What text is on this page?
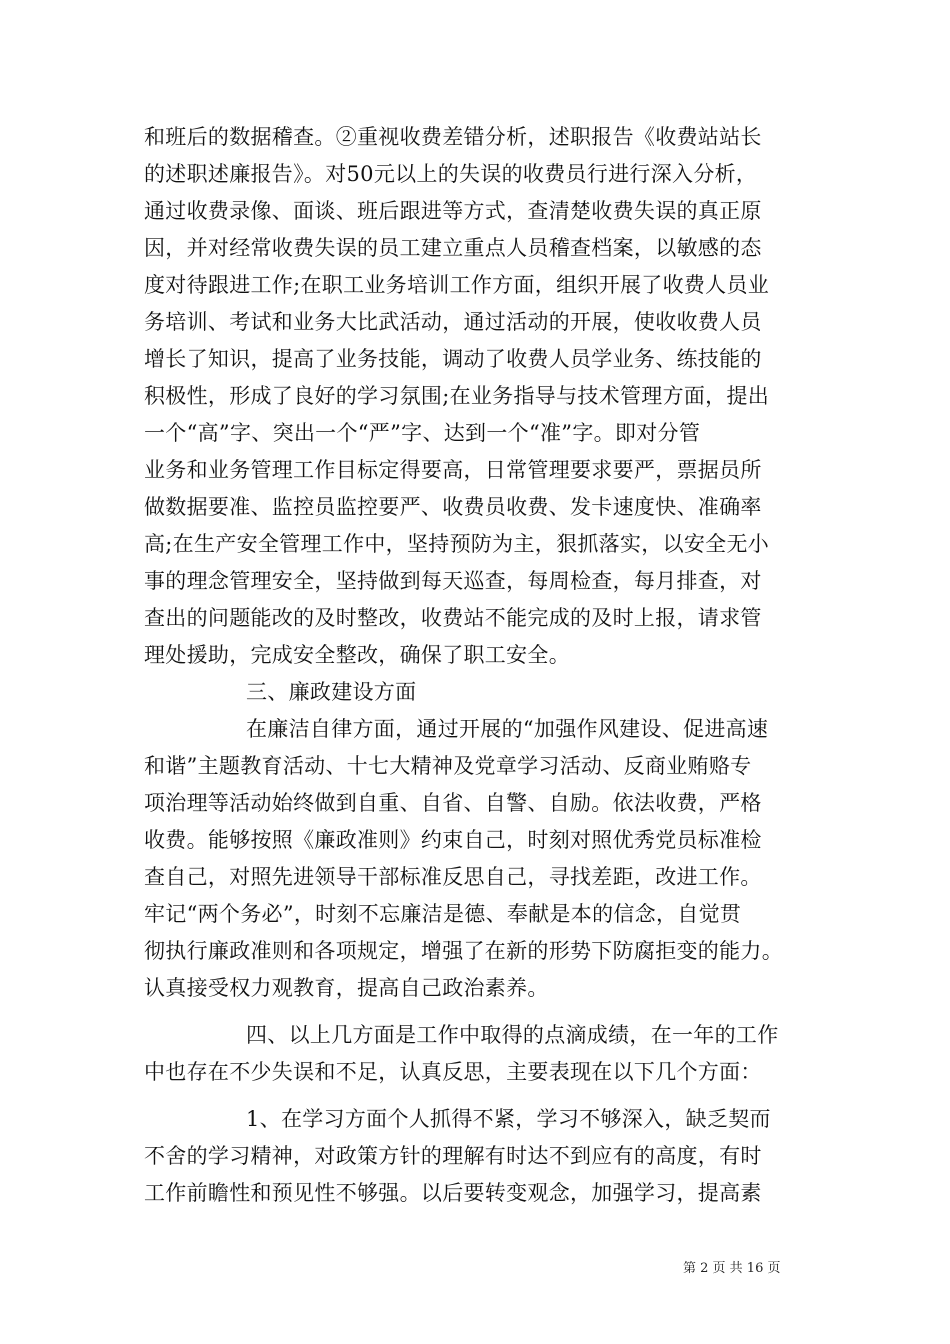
和班后的数据稽查。②重视收费差错分析，述职报告《收费站站长
的述职述廉报告》。对50元以上的失误的收费员行进行深入分析，
通过收费录像、面谈、班后跟进等方式，查清楚收费失误的真正原
因，并对经常收费失误的员工建立重点人员稽查档案，以敏感的态
度对待跟进工作;在职工业务培训工作方面，组织开展了收费人员业
务培训、考试和业务大比武活动，通过活动的开展，使收收费人员
增长了知识，提高了业务技能，调动了收费人员学业务、练技能的
积极性，形成了良好的学习氛围;在业务指导与技术管理方面，提出
一个“高”字、突出一个“严”字、达到一个“准”字。即对分管
业务和业务管理工作目标定得要高，日常管理要求要严，票据员所
做数据要准、监控员监控要严、收费员收费、发卡速度快、准确率
高;在生产安全管理工作中，坚持预防为主，狠抓落实，以安全无小
事的理念管理安全，坚持做到每天巡查，每周检查，每月排查，对
查出的问题能改的及时整改，收费站不能完成的及时上报，请求管
理处援助，完成安全整改，确保了职工安全。
三、廉政建设方面
在廉洁自律方面，通过开展的“加强作风建设、促进高速
和谐”主题教育活动、十七大精神及党章学习活动、反商业贿赂专
项治理等活动始终做到自重、自省、自警、自励。依法收费，严格
收费。能够按照《廉政准则》约束自己，时刻对照优秀党员标准检
查自己，对照先进领导干部标准反思自己，寻找差距，改进工作。
牢记“两个务必”，时刻不忘廉洁是德、奉献是本的信念，自觉贯
彻执行廉政准则和各项规定，增强了在新的形势下防腐拒变的能力。
认真接受权力观教育，提高自己政治素养。
四、以上几方面是工作中取得的点滴成绩，在一年的工作
中也存在不少失误和不足，认真反思，主要表现在以下几个方面：
1、在学习方面个人抓得不紧，学习不够深入，缺乏契而
不舍的学习精神，对政策方针的理解有时达不到应有的高度，有时
工作前瞻性和预见性不够强。以后要转变观念，加强学习，提高素
第 2 页 共 16 页
